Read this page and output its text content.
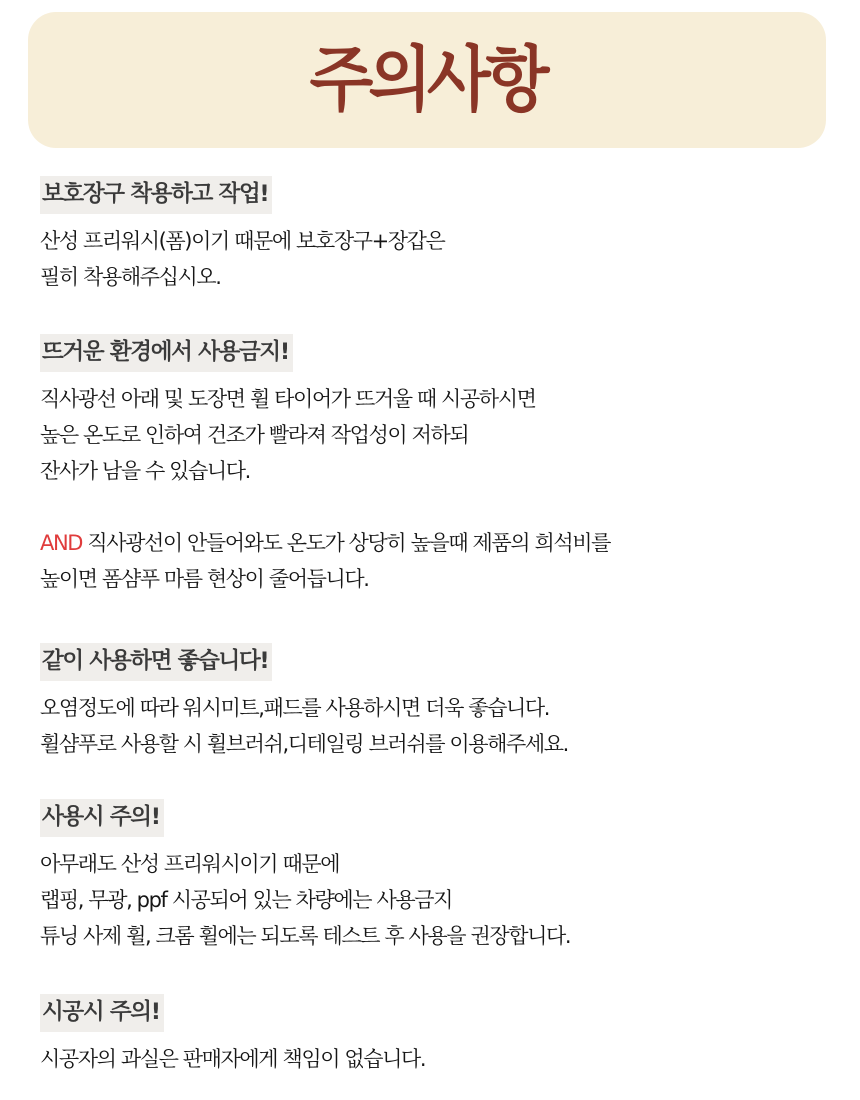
주의사항
보호장구 착용하고 작업!
산성 프리워시(폼)이기 때문에 보호장구+장갑은
필히 착용해주십시오.
뜨거운 환경에서 사용금지!
직사광선 아래 및 도장면 휠 타이어가 뜨거울 때 시공하시면
높은 온도로 인하여 건조가 빨라져 작업성이 저하되
잔사가 남을 수 있습니다.
AND 직사광선이 안들어와도 온도가 상당히 높을때 제품의 희석비를
높이면 폼샴푸 마름 현상이 줄어듭니다.
같이 사용하면 좋습니다!
오염정도에 따라 워시미트,패드를 사용하시면 더욱 좋습니다.
휠샴푸로 사용할 시 휠브러쉬,디테일링 브러쉬를 이용해주세요.
사용시 주의!
아무래도 산성 프리워시이기 때문에
랩핑, 무광, ppf 시공되어 있는 차량에는 사용금지
튜닝 사제 휠, 크롬 휠에는 되도록 테스트 후 사용을 권장합니다.
시공시 주의!
시공자의 과실은 판매자에게 책임이 없습니다.
